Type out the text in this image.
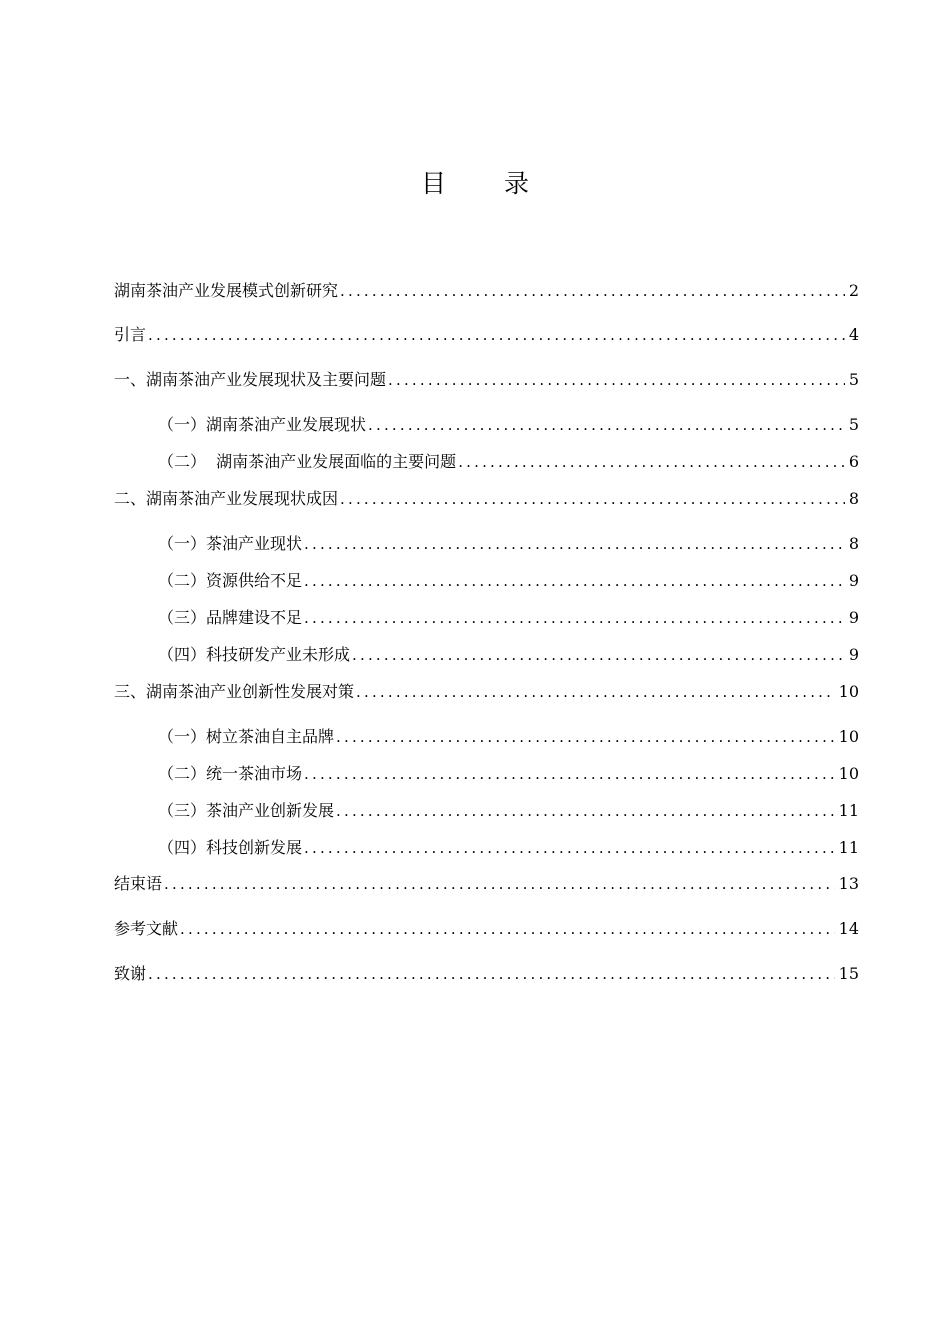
目 录
湖南茶油产业发展模式创新研究 .....	2
引言 .....	4
一、湖南茶油产业发展现状及主要问题 .....	5
（一）湖南茶油产业发展现状 .....	5
（二）  湖南茶油产业发展面临的主要问题 .....	6
二、湖南茶油产业发展现状成因 .....	8
（一）茶油产业现状 .....	8
（二）资源供给不足 .....	9
（三）品牌建设不足 .....	9
（四）科技研发产业未形成 .....	9
三、湖南茶油产业创新性发展对策 .....	10
（一）树立茶油自主品牌 .....	10
（二）统一茶油市场 .....	10
（三）茶油产业创新发展 .....	11
（四）科技创新发展 .....	11
结束语 .....	13
参考文献 .....	14
致谢 .....	15
